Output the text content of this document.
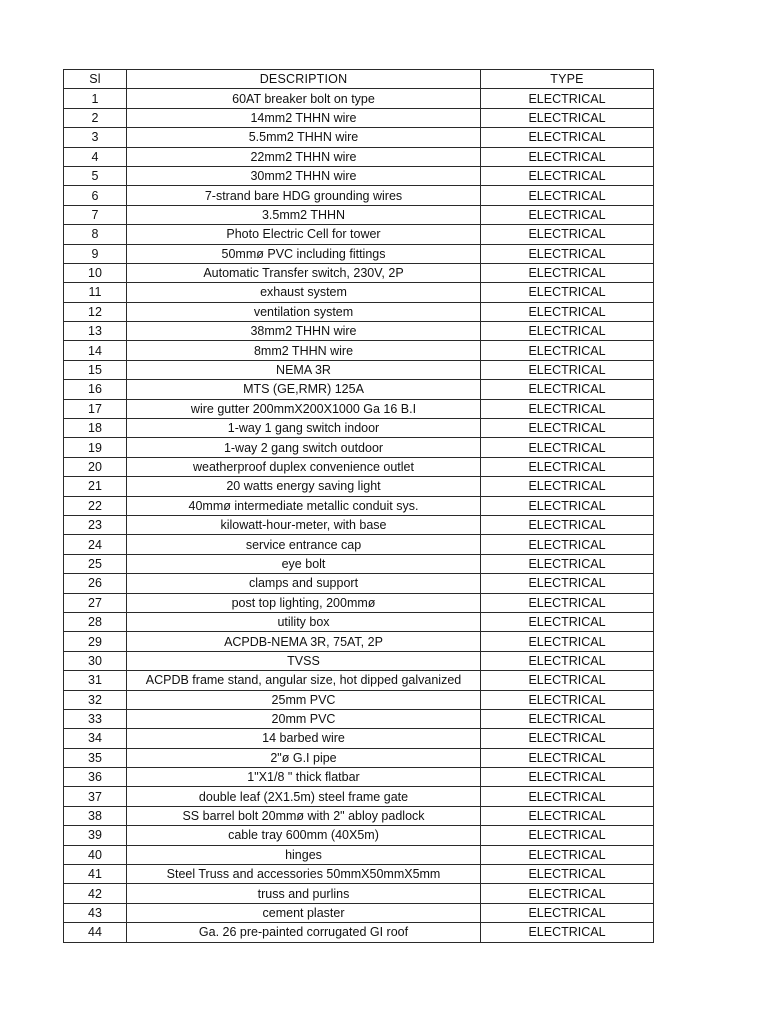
Sl	DESCRIPTION	TYPE
1	60AT breaker bolt on type	ELECTRICAL
2	14mm2 THHN wire	ELECTRICAL
3	5.5mm2 THHN wire	ELECTRICAL
4	22mm2 THHN wire	ELECTRICAL
5	30mm2 THHN wire	ELECTRICAL
6	7-strand bare HDG grounding wires	ELECTRICAL
7	3.5mm2 THHN	ELECTRICAL
8	Photo Electric Cell for tower	ELECTRICAL
9	50mmø PVC including fittings	ELECTRICAL
10	Automatic Transfer switch, 230V, 2P	ELECTRICAL
11	exhaust system	ELECTRICAL
12	ventilation system	ELECTRICAL
13	38mm2 THHN wire	ELECTRICAL
14	8mm2 THHN wire	ELECTRICAL
15	NEMA 3R	ELECTRICAL
16	MTS (GE,RMR) 125A	ELECTRICAL
17	wire gutter 200mmX200X1000 Ga 16 B.I	ELECTRICAL
18	1-way 1 gang switch indoor	ELECTRICAL
19	1-way 2 gang switch outdoor	ELECTRICAL
20	weatherproof duplex convenience outlet	ELECTRICAL
21	20 watts energy saving light	ELECTRICAL
22	40mmø intermediate metallic conduit sys.	ELECTRICAL
23	kilowatt-hour-meter, with base	ELECTRICAL
24	service entrance cap	ELECTRICAL
25	eye bolt	ELECTRICAL
26	clamps and support	ELECTRICAL
27	post top lighting, 200mmø	ELECTRICAL
28	utility box	ELECTRICAL
29	ACPDB-NEMA 3R, 75AT, 2P	ELECTRICAL
30	TVSS	ELECTRICAL
31	ACPDB frame stand, angular size, hot dipped galvanized	ELECTRICAL
32	25mm PVC	ELECTRICAL
33	20mm PVC	ELECTRICAL
34	14 barbed wire	ELECTRICAL
35	2"ø G.I pipe	ELECTRICAL
36	1"X1/8 " thick flatbar	ELECTRICAL
37	double leaf (2X1.5m) steel frame gate	ELECTRICAL
38	SS barrel bolt 20mmø with 2" abloy padlock	ELECTRICAL
39	cable tray 600mm (40X5m)	ELECTRICAL
40	hinges	ELECTRICAL
41	Steel Truss and accessories 50mmX50mmX5mm	ELECTRICAL
42	truss and purlins	ELECTRICAL
43	cement plaster	ELECTRICAL
44	Ga. 26 pre-painted corrugated GI roof	ELECTRICAL
